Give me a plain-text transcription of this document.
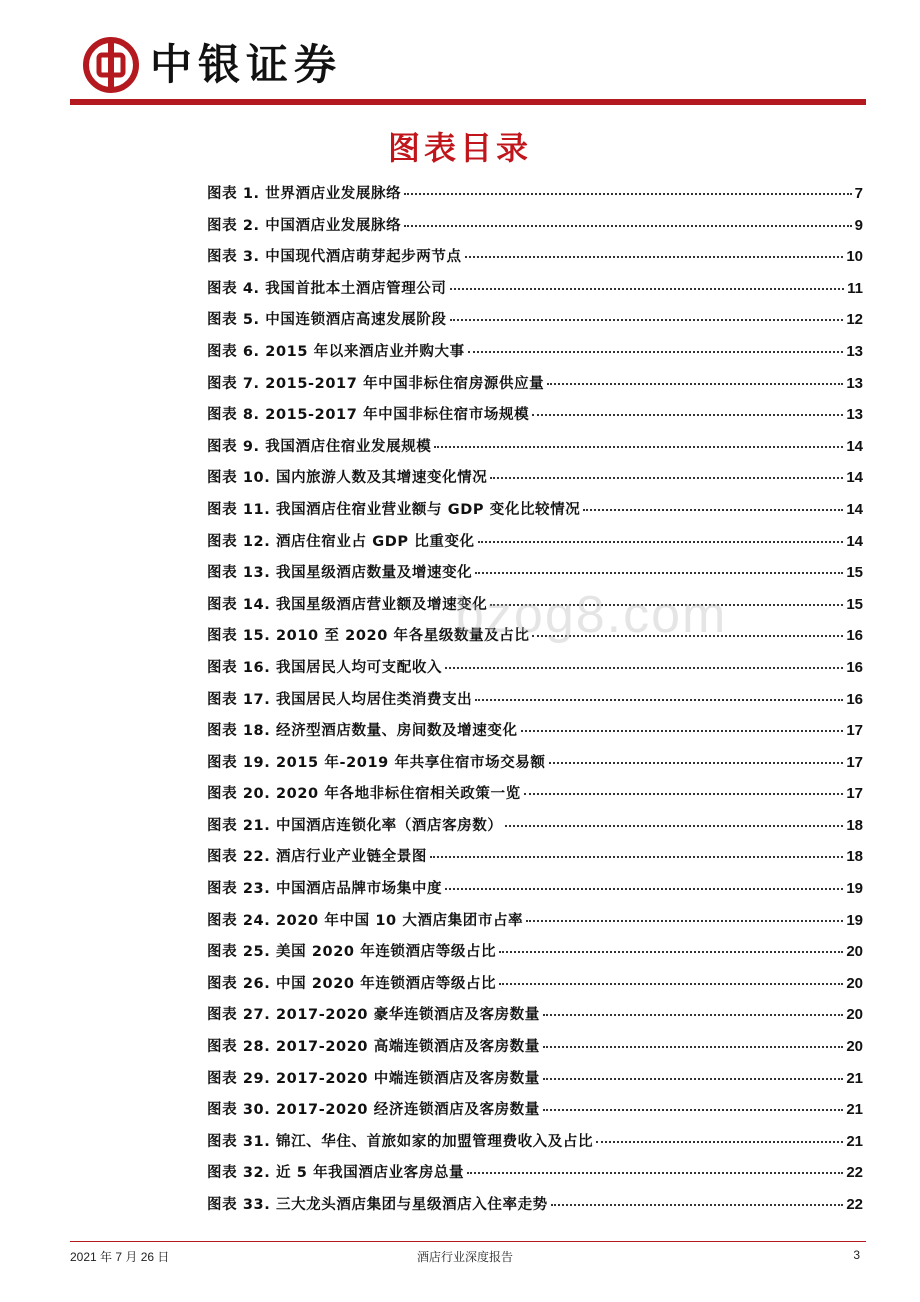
中银证券
图表目录
图表 1. 世界酒店业发展脉络	7
图表 2. 中国酒店业发展脉络	9
图表 3. 中国现代酒店萌芽起步两节点	10
图表 4. 我国首批本土酒店管理公司	11
图表 5. 中国连锁酒店高速发展阶段	12
图表 6. 2015 年以来酒店业并购大事	13
图表 7. 2015-2017 年中国非标住宿房源供应量	13
图表 8. 2015-2017 年中国非标住宿市场规模	13
图表 9. 我国酒店住宿业发展规模	14
图表 10. 国内旅游人数及其增速变化情况	14
图表 11. 我国酒店住宿业营业额与 GDP 变化比较情况	14
图表 12. 酒店住宿业占 GDP 比重变化	14
图表 13. 我国星级酒店数量及增速变化	15
图表 14. 我国星级酒店营业额及增速变化	15
图表 15. 2010 至 2020 年各星级数量及占比	16
图表 16. 我国居民人均可支配收入	16
图表 17. 我国居民人均居住类消费支出	16
图表 18. 经济型酒店数量、房间数及增速变化	17
图表 19. 2015 年-2019 年共享住宿市场交易额	17
图表 20. 2020 年各地非标住宿相关政策一览	17
图表 21. 中国酒店连锁化率（酒店客房数）	18
图表 22. 酒店行业产业链全景图	18
图表 23. 中国酒店品牌市场集中度	19
图表 24. 2020 年中国 10 大酒店集团市占率	19
图表 25. 美国 2020 年连锁酒店等级占比	20
图表 26. 中国 2020 年连锁酒店等级占比	20
图表 27. 2017-2020 豪华连锁酒店及客房数量	20
图表 28. 2017-2020 高端连锁酒店及客房数量	20
图表 29. 2017-2020 中端连锁酒店及客房数量	21
图表 30. 2017-2020 经济连锁酒店及客房数量	21
图表 31. 锦江、华住、首旅如家的加盟管理费收入及占比	21
图表 32. 近 5 年我国酒店业客房总量	22
图表 33. 三大龙头酒店集团与星级酒店入住率走势	22
bzog8.com
2021 年 7 月 26 日	酒店行业深度报告	3
